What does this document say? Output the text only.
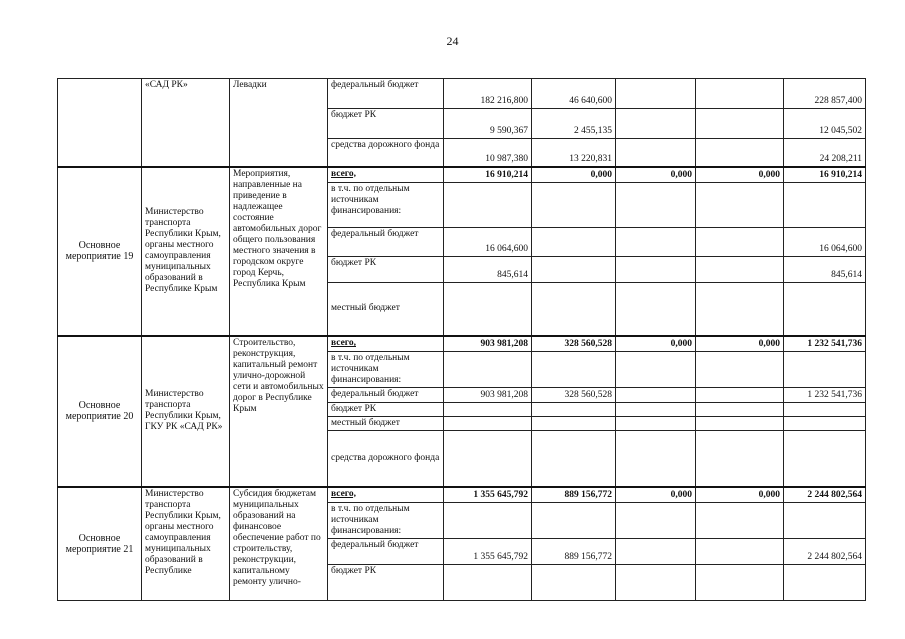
24
	«САД РК»	Левадки	федеральный бюджет	182 216,800	46 640,600			228 857,400
			бюджет РК	9 590,367	2 455,135			12 045,502
			средства дорожного фонда	10 987,380	13 220,831			24 208,211
Основное мероприятие 19	Министерство транспорта Республики Крым, органы местного самоуправления муниципальных образований в Республике Крым	Мероприятия, направленные на приведение в надлежащее состояние автомобильных дорог общего пользования местного значения в городском округе город Керчь, Республика Крым	всего,	16 910,214	0,000	0,000	0,000	16 910,214
			в т.ч. по отдельным источникам финансирования:					
			федеральный бюджет	16 064,600				16 064,600
			бюджет РК	845,614				845,614
			местный бюджет					
Основное мероприятие 20	Министерство транспорта Республики Крым, ГКУ РК «САД РК»	Строительство, реконструкция, капитальный ремонт улично-дорожной сети и автомобильных дорог в Республике Крым	всего,	903 981,208	328 560,528	0,000	0,000	1 232 541,736
			в т.ч. по отдельным источникам финансирования:					
			федеральный бюджет	903 981,208	328 560,528			1 232 541,736
			бюджет РК					
			местный бюджет					
			средства дорожного фонда					
Основное мероприятие 21	Министерство транспорта Республики Крым, органы местного самоуправления муниципальных образований в Республике	Субсидия бюджетам муниципальных образований на финансовое обеспечение работ по строительству, реконструкции, капитальному ремонту улично-	всего,	1 355 645,792	889 156,772	0,000	0,000	2 244 802,564
			в т.ч. по отдельным источникам финансирования:					
			федеральный бюджет	1 355 645,792	889 156,772			2 244 802,564
			бюджет РК					
